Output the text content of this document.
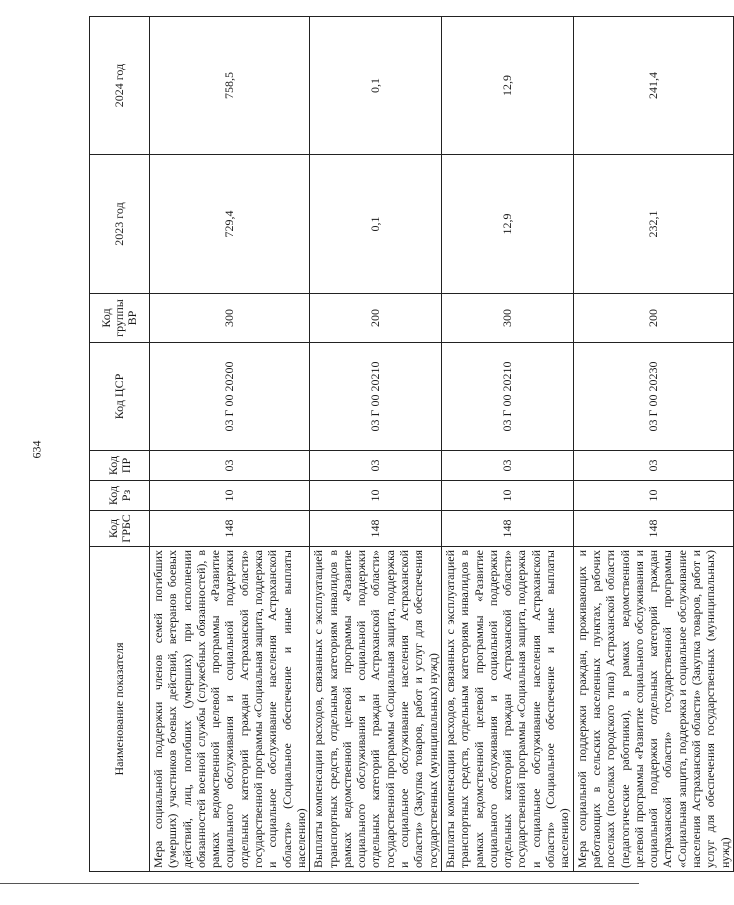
634
Наименование показателя	Код ГРБС	Код Рз	Код ПР	Код ЦСР	Код группы ВР	2023 год	2024 год
Мера социальной поддержки членов семей погибших (умерших) участников боевых действий, ветеранов боевых действий, лиц, погибших (умерших) при исполнении обязанностей военной службы (служебных обязанностей), в рамках ведомственной целевой программы «Развитие социального обслуживания и социальной поддержки отдельных категорий граждан Астраханской области» государственной программы «Социальная защита, поддержка и социальное обслуживание населения Астраханской области» (Социальное обеспечение и иные выплаты населению)	148	10	03	03 Г 00 20200	300	729,4	758,5
Выплаты компенсации расходов, связанных с эксплуатацией транспортных средств, отдельным категориям инвалидов в рамках ведомственной целевой программы «Развитие социального обслуживания и социальной поддержки отдельных категорий граждан Астраханской области» государственной программы «Социальная защита, поддержка и социальное обслуживание населения Астраханской области» (Закупка товаров, работ и услуг для обеспечения государственных (муниципальных) нужд)	148	10	03	03 Г 00 20210	200	0,1	0,1
Выплаты компенсации расходов, связанных с эксплуатацией транспортных средств, отдельным категориям инвалидов в рамках ведомственной целевой программы «Развитие социального обслуживания и социальной поддержки отдельных категорий граждан Астраханской области» государственной программы «Социальная защита, поддержка и социальное обслуживание населения Астраханской области» (Социальное обеспечение и иные выплаты населению)	148	10	03	03 Г 00 20210	300	12,9	12,9
Мера социальной поддержки граждан, проживающих и работающих в сельских населенных пунктах, рабочих поселках (поселках городского типа) Астраханской области (педагогические работники), в рамках ведомственной целевой программы «Развитие социального обслуживания и социальной поддержки отдельных категорий граждан Астраханской области» государственной программы «Социальная защита, поддержка и социальное обслуживание населения Астраханской области» (Закупка товаров, работ и услуг для обеспечения государственных (муниципальных) нужд)	148	10	03	03 Г 00 20230	200	232,1	241,4
